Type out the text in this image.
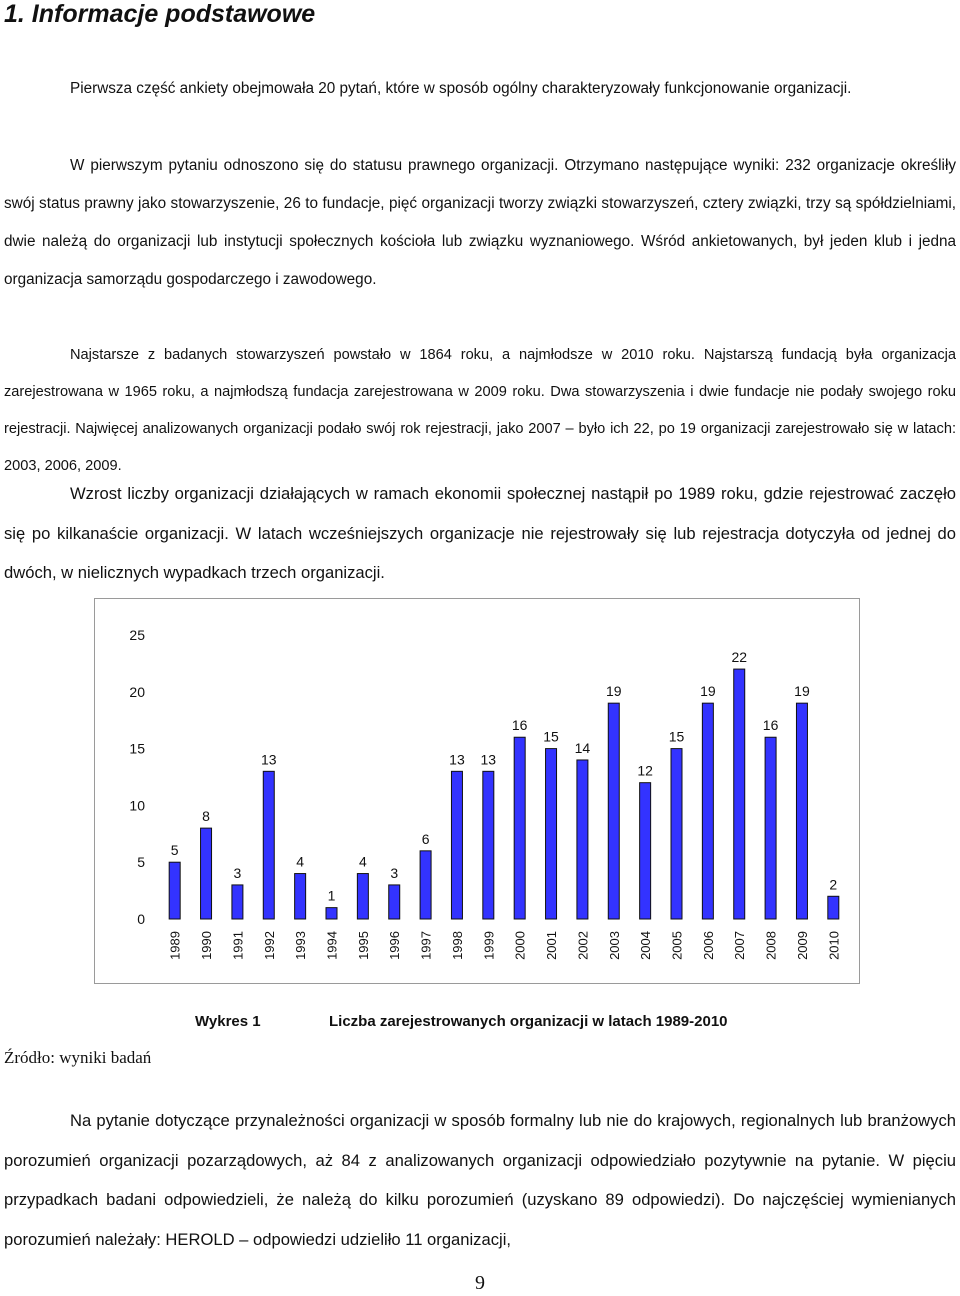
1. Informacje podstawowe

Pierwsza część ankiety obejmowała 20 pytań, które w sposób ogólny charakteryzowały funkcjonowanie organizacji.

W pierwszym pytaniu odnoszono się do statusu prawnego organizacji. Otrzymano następujące wyniki: 232 organizacje określiły swój status prawny jako stowarzyszenie, 26 to fundacje, pięć organizacji tworzy związki stowarzyszeń, cztery związki, trzy są spółdzielniami, dwie należą do organizacji lub instytucji społecznych kościoła lub związku wyznaniowego. Wśród ankietowanych, był jeden klub i jedna organizacja samorządu gospodarczego i zawodowego.

Najstarsze z badanych stowarzyszeń powstało w 1864 roku, a najmłodsze w 2010 roku. Najstarszą fundacją była organizacja zarejestrowana w 1965 roku, a najmłodszą fundacja zarejestrowana w 2009 roku. Dwa stowarzyszenia i dwie fundacje nie podały swojego roku rejestracji. Najwięcej analizowanych organizacji podało swój rok rejestracji, jako 2007 – było ich 22, po 19 organizacji zarejestrowało się w latach: 2003, 2006, 2009.

Wzrost liczby organizacji działających w ramach ekonomii społecznej nastąpił po 1989 roku, gdzie rejestrować zaczęło się po kilkanaście organizacji. W latach wcześniejszych organizacje nie rejestrowały się lub rejestracja dotyczyła od jednej do dwóch, w nielicznych wypadkach trzech organizacji.

0
5
10
15
20
25
5
1989
8
1990
3
1991
13
1992
4
1993
1
1994
4
1995
3
1996
6
1997
13
1998
13
1999
16
2000
15
2001
14
2002
19
2003
12
2004
15
2005
19
2006
22
2007
16
2008
19
2009
2
2010

Wykres 1	Liczba zarejestrowanych organizacji w latach 1989-2010

Źródło: wyniki badań

Na pytanie dotyczące przynależności organizacji w sposób formalny lub nie do krajowych, regionalnych lub branżowych porozumień organizacji pozarządowych, aż 84 z analizowanych organizacji odpowiedziało pozytywnie na pytanie. W pięciu przypadkach badani odpowiedzieli, że należą do kilku porozumień (uzyskano 89 odpowiedzi). Do najczęściej wymienianych porozumień należały: HEROLD – odpowiedzi udzieliło 11 organizacji,

9
